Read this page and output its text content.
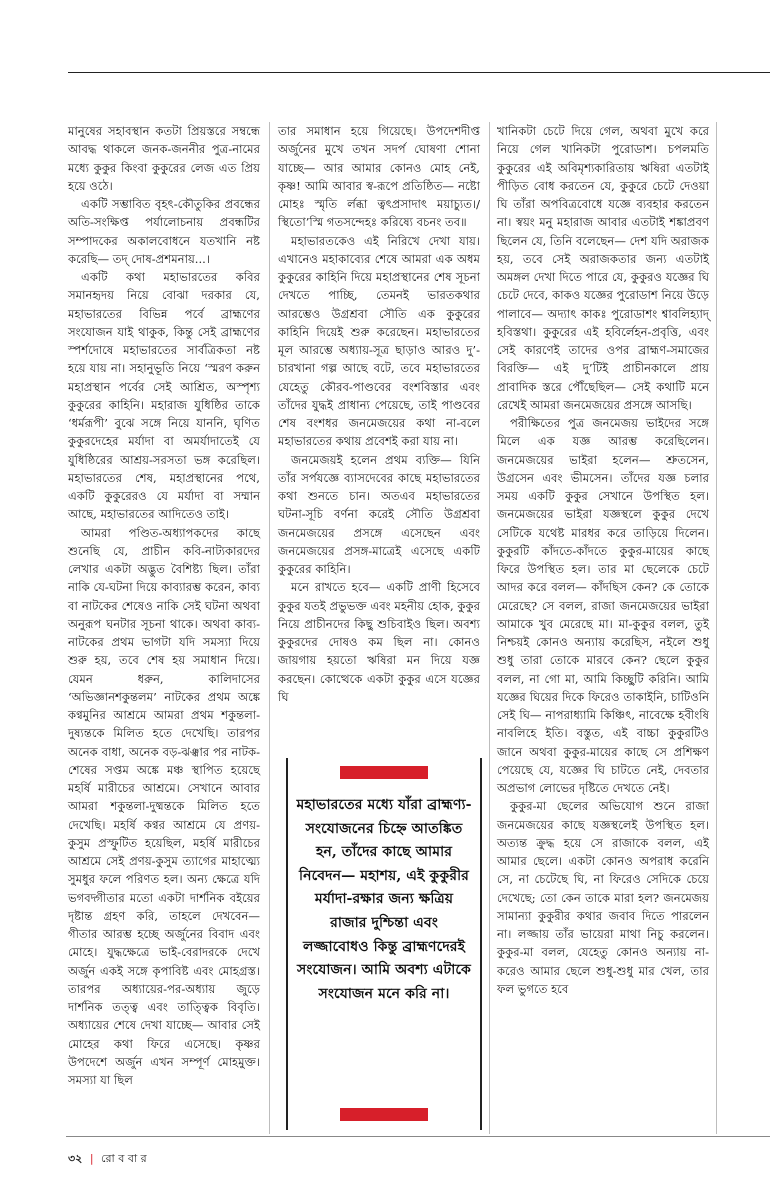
মানুষের সহাবস্থান কতটা প্রিয়স্তরে সম্বন্ধে আবদ্ধ থাকলে জনক-জননীর পুত্র-নামের মধ্যে কুকুর কিংবা কুকুরের লেজ এত প্রিয় হয়ে ওঠে।

একটি সম্ভাবিত বৃহৎ-কৌতুকির প্রবন্ধের অতি-সংক্ষিপ্ত পর্যালোচনায় প্রবন্ধটির সম্পাদকের অকালবোধনে যতখানি নষ্ট করেছি— তদ্‌ দোষ-প্রশমনায়...।

একটি কথা মহাভারতের কবির সমানহৃদয় নিয়ে বোঝা দরকার যে, মহাভারতের বিভিন্ন পর্বে ব্রাহ্মণের সংযোজন যাই থাকুক, কিন্তু সেই ব্রাহ্মণের স্পর্শদোষে মহাভারতের সার্বত্রিকতা নষ্ট হয়ে যায় না। সহানুভূতি নিয়ে ‘স্মরণ করুন মহাপ্রস্থান পর্বের সেই আশ্রিত, অস্পৃশ্য কুকুরের কাহিনি। মহারাজ যুধিষ্ঠির তাকে ‘ধর্মরূপী’ বুঝে সঙ্গে নিয়ে যাননি, ঘৃণিত কুকুরদেহের মর্যাদা বা অমর্যাদাতেই যে যুধিষ্ঠিরের আশ্রয়-সরসতা ভঙ্গ করেছিল। মহাভারতের শেষ, মহাপ্রস্থানের পথে, একটি কুকুরেরও যে মর্যাদা বা সম্মান আছে, মহাভারতের আদিতেও তাই।

আমরা পণ্ডিত-অধ্যাপকদের কাছে শুনেছি যে, প্রাচীন কবি-নাট্যকারদের লেখার একটা অদ্ভুত বৈশিষ্ট্য ছিল। তাঁরা নাকি যে-ঘটনা দিয়ে কাব্যারম্ভ করেন, কাব্য বা নাটকের শেষেও নাকি সেই ঘটনা অথবা অনুরূপ ঘনটার সূচনা থাকে। অথবা কাব্য-নাটকের প্রথম ভাগটা যদি সমস্যা দিয়ে শুরু হয়, তবে শেষ হয় সমাধান দিয়ে। যেমন ধরুন, কালিদাসের ‘অভিজ্ঞানশকুন্তলম’ নাটকের প্রথম অঙ্কে কণ্বমুনির আশ্রমে আমরা প্রথম শকুন্তলা-দুষ্যন্তকে মিলিত হতে দেখেছি। তারপর অনেক বাধা, অনেক বড়-ঝঞ্ঝার পর নাটক-শেষের সপ্তম অঙ্কে মঞ্চ স্থাপিত হয়েছে মহর্ষি মারীচের আশ্রমে। সেখানে আবার আমরা শকুন্তলা-দুষ্মন্তকে মিলিত হতে দেখেছি। মহর্ষি কণ্বর আশ্রমে যে প্রণয়-কুসুম প্রস্ফুটিত হয়েছিল, মহর্ষি মারীচের আশ্রমে সেই প্রণয়-কুসুম ত্যাগের মাহাত্ম্যে সুমধুর ফলে পরিণত হল। অন্য ক্ষেত্রে যদি ভগবদ্গীতার মতো একটা দার্শনিক বইয়ের দৃষ্টান্ত গ্রহণ করি, তাহলে দেখবেন— গীতার আরম্ভ হচ্ছে অর্জুনের বিবাদ এবং মোহে। যুদ্ধক্ষেত্রে ভাই-বেরাদরকে দেখে অর্জুন একই সঙ্গে কৃপাবিষ্ট এবং মোহগ্রস্ত। তারপর অধ্যায়ের-পর-অধ্যায় জুড়ে দার্শনিক তত্ত্ব এবং তাত্ত্বিক বিবৃতি। অধ্যায়ের শেষে দেখা যাচ্ছে— আবার সেই মোহের কথা ফিরে এসেছে। কৃষ্ণর উপদেশে অর্জুন এখন সম্পূর্ণ মোহমুক্ত। সমস্যা যা ছিল

তার সমাধান হয়ে গিয়েছে। উপদেশদীপ্ত অর্জুনের মুখে তখন সদর্প ঘোষণা শোনা যাচ্ছে— আর আমার কোনও মোহ নেই, কৃষ্ণ! আমি আবার স্ব-রূপে প্রতিষ্ঠিত— নষ্টো মোহঃ স্মৃতি র্লব্ধা ত্বৎপ্রসাদাৎ ময়াচ্যুত।/ স্থিতো’স্মি গতসন্দেহঃ করিষ্যে বচনং তব॥

মহাভারতকেও এই নিরিখে দেখা যায়। এখানেও মহাকাব্যের শেষে আমরা এক অধম কুকুরের কাহিনি দিয়ে মহাপ্রস্থানের শেষ সূচনা দেখতে পাচ্ছি, তেমনই ভারতকথার আরম্ভেও উগ্রশ্রবা সৌতি এক কুকুরের কাহিনি দিয়েই শুরু করেছেন। মহাভারতের মূল আরম্ভে অধ্যায়-সূত্র ছাড়াও আরও দু’-চারখানা গল্প আছে বটে, তবে মহাভারতের যেহেতু কৌরব-পাণ্ডবের বংশবিস্তার এবং তাঁদের যুদ্ধই প্রাধান্য পেয়েছে, তাই পাণ্ডবের শেষ বংশধর জনমেজয়ের কথা না-বলে মহাভারতের কথায় প্রবেশই করা যায় না।

জনমেজয়ই হলেন প্রথম ব্যক্তি— যিনি তাঁর সর্পযজ্ঞে ব্যাসদেবের কাছে মহাভারতের কথা শুনতে চান। অতএব মহাভারতের ঘটনা-সূচি বর্ণনা করেই সৌতি উগ্রশ্রবা জনমেজয়ের প্রসঙ্গে এসেছেন এবং জনমেজয়ের প্রসঙ্গ-মাত্রেই এসেছে একটি কুকুরের কাহিনি।

মনে রাখতে হবে— একটি প্রাণী হিসেবে কুকুর যতই প্রভুভক্ত এবং মহনীয় হোক, কুকুর নিয়ে প্রাচীনদের কিছু শুচিবাইও ছিল। অবশ্য কুকুরদের দোষও কম ছিল না। কোনও জায়গায় হয়তো ঋষিরা মন দিয়ে যজ্ঞ করছেন। কোত্থেকে একটা কুকুর এসে যজ্ঞের ঘি

খানিকটা চেটে দিয়ে গেল, অথবা মুখে করে নিয়ে গেল খানিকটা পুরোডাশ। চপলমতি কুকুরের এই অবিমৃশ্যকারিতায় ঋষিরা এতটাই পীড়িত বোধ করতেন যে, কুকুরে চেটে দেওয়া ঘি তাঁরা অপবিত্রবোধে যজ্ঞে ব্যবহার করতেন না। স্বয়ং মনু মহারাজ আবার এতটাই শঙ্কাপ্রবণ ছিলেন যে, তিনি বলেছেন— দেশ যদি অরাজক হয়, তবে সেই অরাজকতার জন্য এতটাই অমঙ্গল দেখা দিতে পারে যে, কুকুরও যজ্ঞের ঘি চেটে দেবে, কাকও যজ্ঞের পুরোডাশ নিয়ে উড়ে পালাবে— অদ্যাৎ কাকঃ পুরোডাশং শ্বাবলিহ্যাদ্ হবিস্তথা। কুকুরের এই হবির্লেহন-প্রবৃত্তি, এবং সেই কারণেই তাদের ওপর ব্রাহ্মণ-সমাজের বিরক্তি— এই দু’টিই প্রাচীনকালে প্রায় প্রাবাদিক স্তরে পৌঁছেছিল— সেই কথাটি মনে রেখেই আমরা জনমেজয়ের প্রসঙ্গে আসছি।

পরীক্ষিতের পুত্র জনমেজয় ভাইদের সঙ্গে মিলে এক যজ্ঞ আরম্ভ করেছিলেন। জনমেজয়ের ভাইরা হলেন— শ্রুতসেন, উগ্রসেন এবং ভীমসেন। তাঁদের যজ্ঞ চলার সময় একটি কুকুর সেখানে উপস্থিত হল। জনমেজয়ের ভাইরা যজ্ঞস্থলে কুকুর দেখে সেটিকে যথেষ্ট মারধর করে তাড়িয়ে দিলেন। কুকুরটি কাঁদতে-কাঁদতে কুকুর-মায়ের কাছে ফিরে উপস্থিত হল। তার মা ছেলেকে চেটে আদর করে বলল— কাঁদছিস কেন? কে তোকে মেরেছে? সে বলল, রাজা জনমেজয়ের ভাইরা আমাকে খুব মেরেছে মা। মা-কুকুর বলল, তুই নিশ্চয়ই কোনও অন্যায় করেছিস, নইলে শুধু শুধু তারা তোকে মারবে কেন? ছেলে কুকুর বলল, না গো মা, আমি কিচ্ছুটি করিনি। আমি যজ্ঞের ঘিয়ের দিকে ফিরেও তাকাইনি, চাটিওনি সেই ঘি— নাপরাধ্যামি কিঞ্চিৎ, নাবেক্ষে হবীংষি নাবলিহে ইতি। বস্তুত, এই বাচ্চা কুকুরটিও জানে অথবা কুকুর-মায়ের কাছে সে প্রশিক্ষণ পেয়েছে যে, যজ্ঞের ঘি চাটতে নেই, দেবতার অপ্রভাগ লোভের দৃষ্টিতে দেখতে নেই।

কুকুর-মা ছেলের অভিযোগ শুনে রাজা জনমেজয়ের কাছে যজ্ঞস্থলেই উপস্থিত হল। অত্যন্ত ক্রুদ্ধ হয়ে সে রাজাকে বলল, এই আমার ছেলে। একটা কোনও অপরাধ করেনি সে, না চেটেছে ঘি, না ফিরেও সেদিকে চেয়ে দেখেছে; তো কেন তাকে মারা হল? জনমেজয় সামান্যা কুকুরীর কথার জবাব দিতে পারলেন না। লজ্জায় তাঁর ভায়েরা মাথা নিচু করলেন। কুকুর-মা বলল, যেহেতু কোনও অন্যায় না-করেও আমার ছেলে শুধু-শুধু মার খেল, তার ফল ভুগতে হবে

মহাভারতের মধ্যে যাঁরা ব্রাহ্মণ্য-সংযোজনের চিহ্নে আতঙ্কিত হন, তাঁদের কাছে আমার নিবেদন— মহাশয়, এই কুকুরীর মর্যাদা-রক্ষার জন্য ক্ষত্রিয় রাজার দুশ্চিন্তা এবং লজ্জাবোধও কিন্তু ব্রাহ্মণদেরই সংযোজন। আমি অবশ্য এটাকে সংযোজন মনে করি না।
৩২ | রো ব বা র
